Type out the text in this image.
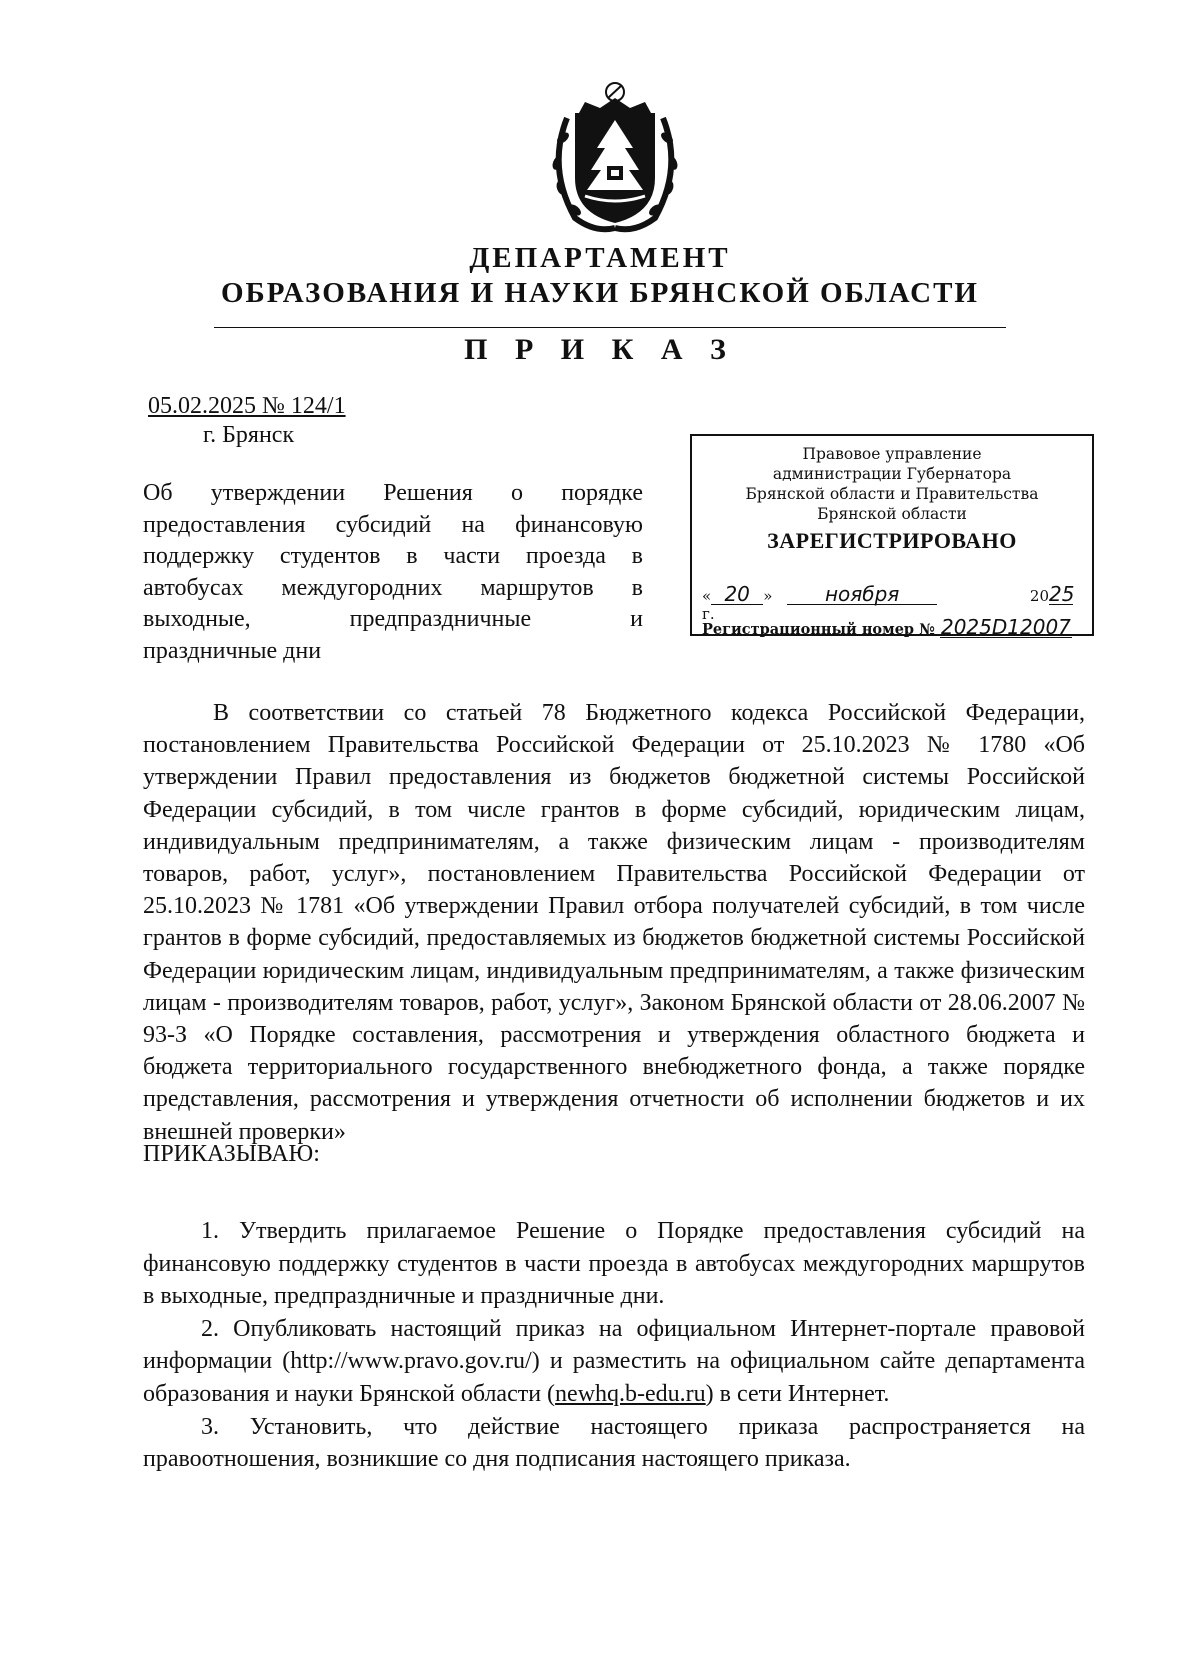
ДЕПАРТАМЕНТ
ОБРАЗОВАНИЯ И НАУКИ БРЯНСКОЙ ОБЛАСТИ
П Р И К А З
05.02.2025 № 124/1
г. Брянск
Об утверждении Решения о порядке
предоставления субсидий на финансовую
поддержку студентов в части проезда в
автобусах междугородних маршрутов в
выходные, предпраздничные и
праздничные дни
Правовое управление
администрации Губернатора
Брянской области и Правительства
Брянской области
ЗАРЕГИСТРИРОВАНО
« 20 » ноября	2025 г.
Регистрационный номер № 2025D12007

В соответствии со статьей 78 Бюджетного кодекса Российской Федерации, постановлением Правительства Российской Федерации от 25.10.2023 № 1780 «Об утверждении Правил предоставления из бюджетов бюджетной системы Российской Федерации субсидий, в том числе грантов в форме субсидий, юридическим лицам, индивидуальным предпринимателям, а также физическим лицам - производителям товаров, работ, услуг», постановлением Правительства Российской Федерации от 25.10.2023 № 1781 «Об утверждении Правил отбора получателей субсидий, в том числе грантов в форме субсидий, предоставляемых из бюджетов бюджетной системы Российской Федерации юридическим лицам, индивидуальным предпринимателям, а также физическим лицам - производителям товаров, работ, услуг», Законом Брянской области от 28.06.2007 № 93-З «О Порядке составления, рассмотрения и утверждения областного бюджета и бюджета территориального государственного внебюджетного фонда, а также порядке представления, рассмотрения и утверждения отчетности об исполнении бюджетов и их внешней проверки»

ПРИКАЗЫВАЮ:

1. Утвердить прилагаемое Решение о Порядке предоставления субсидий на финансовую поддержку студентов в части проезда в автобусах междугородних маршрутов в выходные, предпраздничные и праздничные дни.

2. Опубликовать настоящий приказ на официальном Интернет-портале правовой информации (http://www.pravo.gov.ru/) и разместить на официальном сайте департамента образования и науки Брянской области (newhq.b-edu.ru) в сети Интернет.

3. Установить, что действие настоящего приказа распространяется на правоотношения, возникшие со дня подписания настоящего приказа.
